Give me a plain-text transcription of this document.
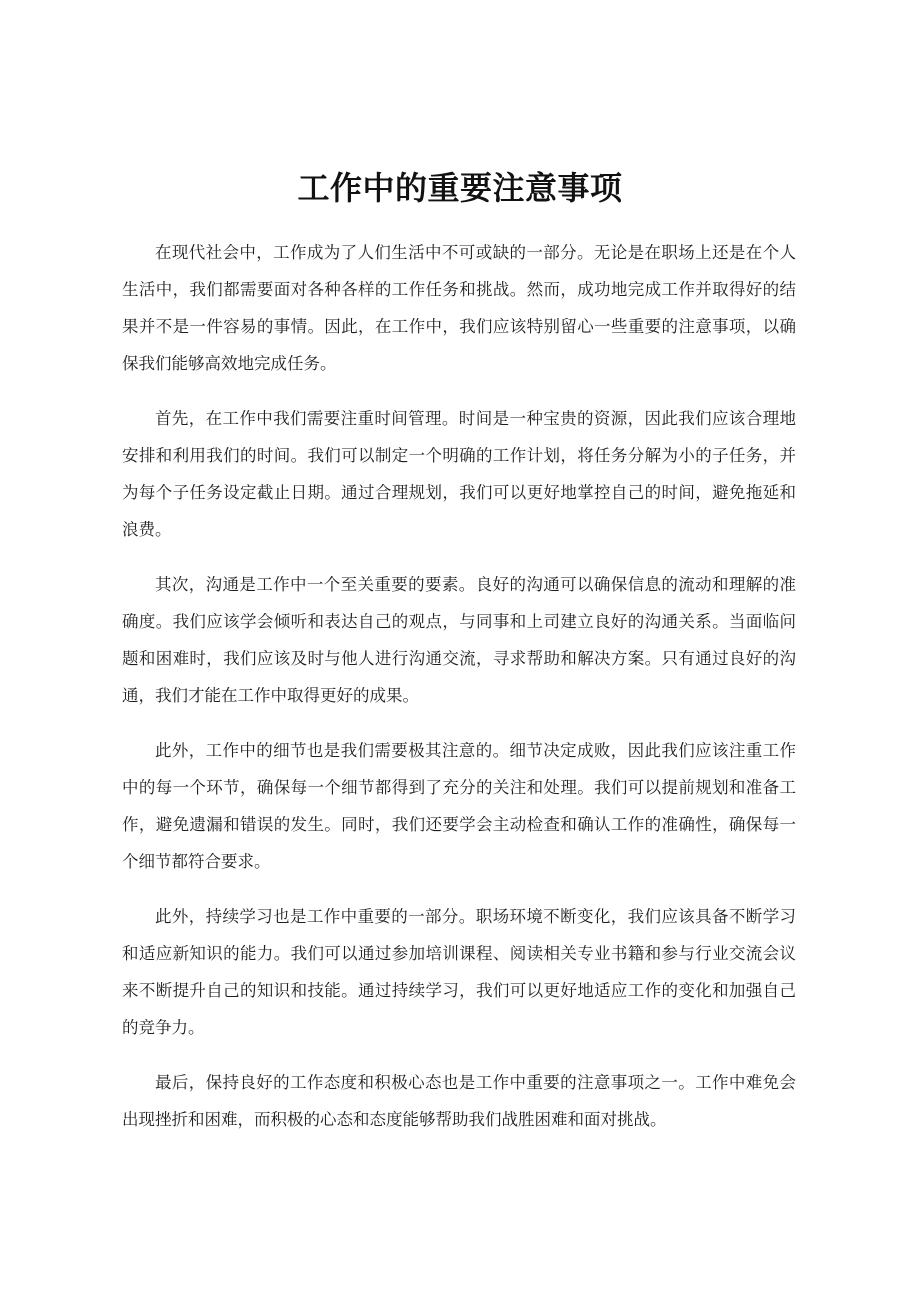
工作中的重要注意事项

在现代社会中，工作成为了人们生活中不可或缺的一部分。无论是在职场上还是在个人生活中，我们都需要面对各种各样的工作任务和挑战。然而，成功地完成工作并取得好的结果并不是一件容易的事情。因此，在工作中，我们应该特别留心一些重要的注意事项，以确保我们能够高效地完成任务。

首先，在工作中我们需要注重时间管理。时间是一种宝贵的资源，因此我们应该合理地安排和利用我们的时间。我们可以制定一个明确的工作计划，将任务分解为小的子任务，并为每个子任务设定截止日期。通过合理规划，我们可以更好地掌控自己的时间，避免拖延和浪费。

其次，沟通是工作中一个至关重要的要素。良好的沟通可以确保信息的流动和理解的准确度。我们应该学会倾听和表达自己的观点，与同事和上司建立良好的沟通关系。当面临问题和困难时，我们应该及时与他人进行沟通交流，寻求帮助和解决方案。只有通过良好的沟通，我们才能在工作中取得更好的成果。

此外，工作中的细节也是我们需要极其注意的。细节决定成败，因此我们应该注重工作中的每一个环节，确保每一个细节都得到了充分的关注和处理。我们可以提前规划和准备工作，避免遗漏和错误的发生。同时，我们还要学会主动检查和确认工作的准确性，确保每一个细节都符合要求。

此外，持续学习也是工作中重要的一部分。职场环境不断变化，我们应该具备不断学习和适应新知识的能力。我们可以通过参加培训课程、阅读相关专业书籍和参与行业交流会议来不断提升自己的知识和技能。通过持续学习，我们可以更好地适应工作的变化和加强自己的竞争力。

最后，保持良好的工作态度和积极心态也是工作中重要的注意事项之一。工作中难免会出现挫折和困难，而积极的心态和态度能够帮助我们战胜困难和面对挑战。
